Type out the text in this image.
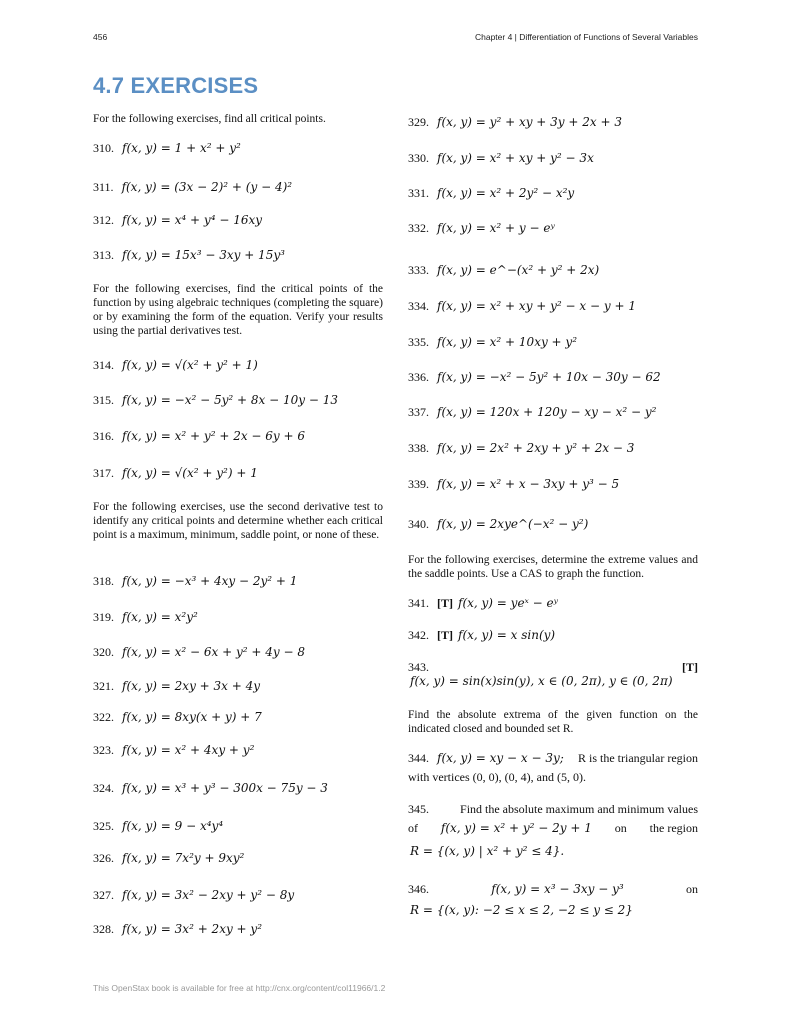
456	Chapter 4 | Differentiation of Functions of Several Variables
4.7 EXERCISES
For the following exercises, find all critical points.
310. f(x, y) = 1 + x² + y²
311. f(x, y) = (3x − 2)² + (y − 4)²
312. f(x, y) = x⁴ + y⁴ − 16xy
313. f(x, y) = 15x³ − 3xy + 15y³
314. f(x, y) = √(x² + y² + 1)
315. f(x, y) = −x² − 5y² + 8x − 10y − 13
316. f(x, y) = x² + y² + 2x − 6y + 6
317. f(x, y) = √(x² + y²) + 1
318. f(x, y) = −x³ + 4xy − 2y² + 1
319. f(x, y) = x²y²
320. f(x, y) = x² − 6x + y² + 4y − 8
321. f(x, y) = 2xy + 3x + 4y
322. f(x, y) = 8xy(x + y) + 7
323. f(x, y) = x² + 4xy + y²
324. f(x, y) = x³ + y³ − 300x − 75y − 3
325. f(x, y) = 9 − x⁴y⁴
326. f(x, y) = 7x²y + 9xy²
327. f(x, y) = 3x² − 2xy + y² − 8y
328. f(x, y) = 3x² + 2xy + y²
For the following exercises, find the critical points of the function by using algebraic techniques (completing the square) or by examining the form of the equation. Verify your results using the partial derivatives test.
For the following exercises, use the second derivative test to identify any critical points and determine whether each critical point is a maximum, minimum, saddle point, or none of these.
329. f(x, y) = y² + xy + 3y + 2x + 3
330. f(x, y) = x² + xy + y² − 3x
331. f(x, y) = x² + 2y² − x²y
332. f(x, y) = x² + y − eʸ
333. f(x, y) = e^−(x² + y² + 2x)
334. f(x, y) = x² + xy + y² − x − y + 1
335. f(x, y) = x² + 10xy + y²
336. f(x, y) = −x² − 5y² + 10x − 30y − 62
337. f(x, y) = 120x + 120y − xy − x² − y²
338. f(x, y) = 2x² + 2xy + y² + 2x − 3
339. f(x, y) = x² + x − 3xy + y³ − 5
340. f(x, y) = 2xye^(−x² − y²)
For the following exercises, determine the extreme values and the saddle points. Use a CAS to graph the function.
341. [T] f(x, y) = yeˣ − eʸ
342. [T] f(x, y) = x sin(y)
343.	[T]
f(x, y) = sin(x)sin(y), x ∈ (0, 2π), y ∈ (0, 2π)
Find the absolute extrema of the given function on the indicated closed and bounded set R.
344. f(x, y) = xy − x − 3y; R is the triangular region
with vertices (0, 0), (0, 4), and (5, 0).
345.	Find the absolute maximum and minimum values
of f(x, y) = x² + y² − 2y + 1 on the region
R = {(x, y) | x² + y² ≤ 4}.
346.	f(x, y) = x³ − 3xy − y³	on
R = {(x, y): −2 ≤ x ≤ 2, −2 ≤ y ≤ 2}
This OpenStax book is available for free at http://cnx.org/content/col11966/1.2
